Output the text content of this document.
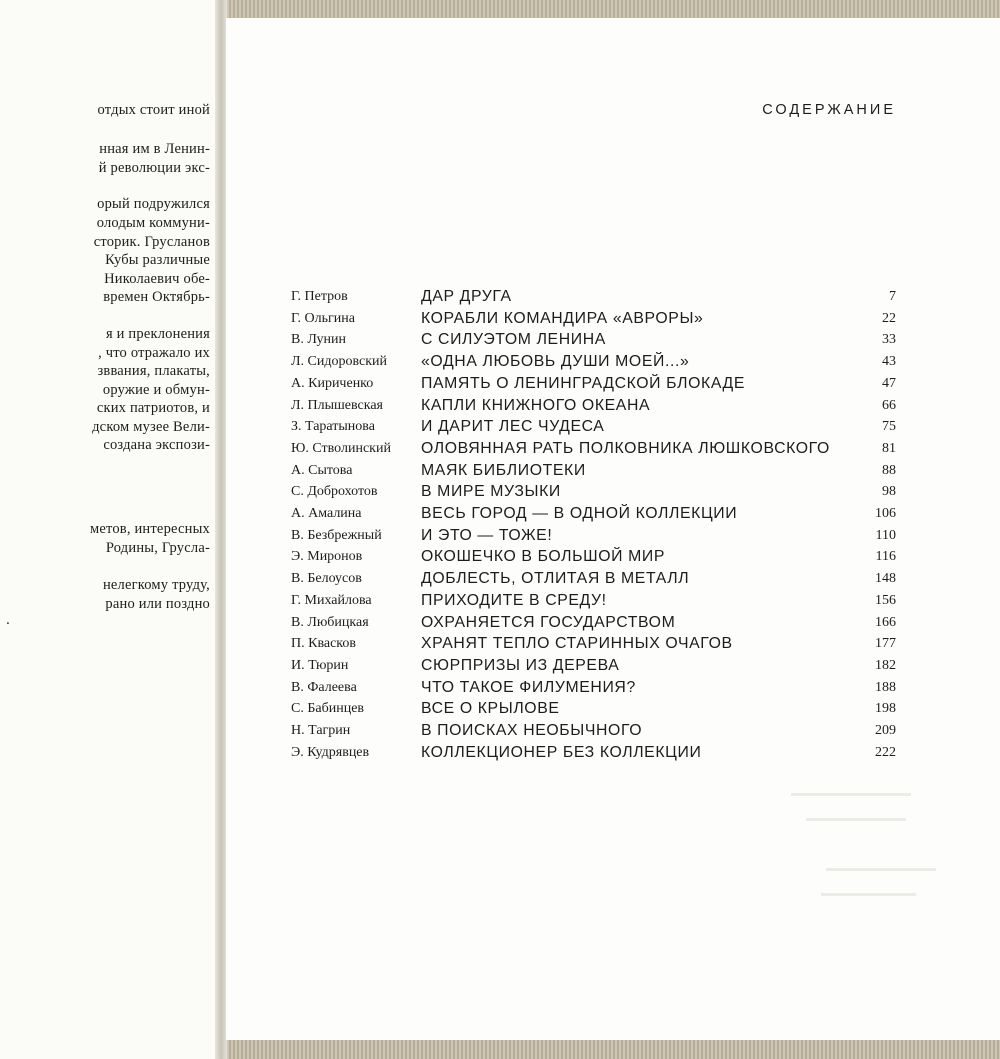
отдых стоит иной
нная им в Ленин-
й революции экс-
орый подружился
олодым коммуни-
сторик. Грусланов
Кубы различные
Николаевич обе-
времен Октябрь-
я и преклонения
, что отражало их
зввания, плакаты,
оружие и обмун-
ских патриотов, и
дском музее Вели-
создана экспози-
метов, интересных
Родины, Грусла-
нелегкому труду,
рано или поздно
.
СОДЕРЖАНИЕ
Г. Петров	ДАР ДРУГА	7
Г. Ольгина	КОРАБЛИ КОМАНДИРА «АВРОРЫ»	22
В. Лунин	С СИЛУЭТОМ ЛЕНИНА	33
Л. Сидоровский «ОДНА ЛЮБОВЬ ДУШИ МОЕЙ...»	43
А. Кириченко	ПАМЯТЬ О ЛЕНИНГРАДСКОЙ БЛОКАДЕ	47
Л. Плышевская КАПЛИ КНИЖНОГО ОКЕАНА	66
З. Таратынова	И ДАРИТ ЛЕС ЧУДЕСА	75
Ю. Стволинский ОЛОВЯННАЯ РАТЬ ПОЛКОВНИКА ЛЮШКОВСКОГО	81
А. Сытова	МАЯК БИБЛИОТЕКИ	88
С. Доброхотов	В МИРЕ МУЗЫКИ	98
А. Амалина	ВЕСЬ ГОРОД — В ОДНОЙ КОЛЛЕКЦИИ	106
В. Безбрежный	И ЭТО — ТОЖЕ!	110
Э. Миронов	ОКОШЕЧКО В БОЛЬШОЙ МИР	116
В. Белоусов	ДОБЛЕСТЬ, ОТЛИТАЯ В МЕТАЛЛ	148
Г. Михайлова	ПРИХОДИТЕ В СРЕДУ!	156
В. Любицкая	ОХРАНЯЕТСЯ ГОСУДАРСТВОМ	166
П. Квасков	ХРАНЯТ ТЕПЛО СТАРИННЫХ ОЧАГОВ	177
И. Тюрин	СЮРПРИЗЫ ИЗ ДЕРЕВА	182
В. Фалеева	ЧТО ТАКОЕ ФИЛУМЕНИЯ?	188
С. Бабинцев	ВСЕ О КРЫЛОВЕ	198
Н. Тагрин	В ПОИСКАХ НЕОБЫЧНОГО	209
Э. Кудрявцев	КОЛЛЕКЦИОНЕР БЕЗ КОЛЛЕКЦИИ	222
